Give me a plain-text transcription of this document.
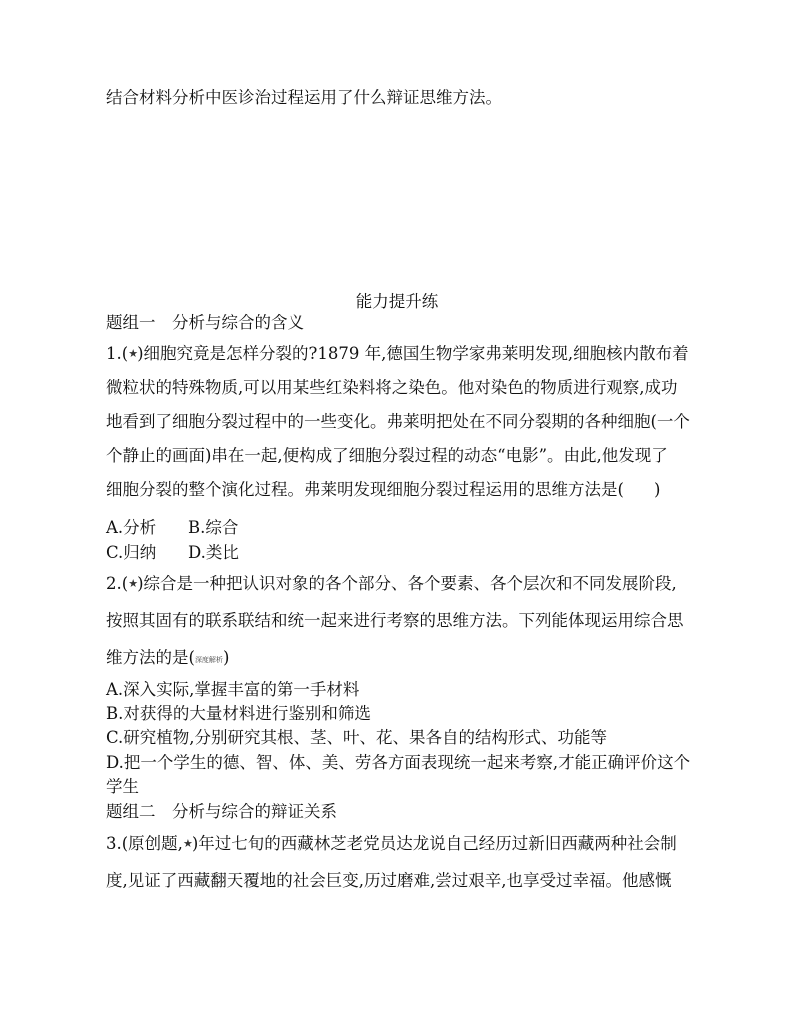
结合材料分析中医诊治过程运用了什么辩证思维方法。
能力提升练
题组一　分析与综合的含义
1.(★)细胞究竟是怎样分裂的?1879 年,德国生物学家弗莱明发现,细胞核内散布着
微粒状的特殊物质,可以用某些红染料将之染色。他对染色的物质进行观察,成功
地看到了细胞分裂过程中的一些变化。弗莱明把处在不同分裂期的各种细胞(一个
个静止的画面)串在一起,便构成了细胞分裂过程的动态“电影”。由此,他发现了
细胞分裂的整个演化过程。弗莱明发现细胞分裂过程运用的思维方法是( )
A.分析 B.综合
C.归纳 D.类比
2.(★)综合是一种把认识对象的各个部分、各个要素、各个层次和不同发展阶段,
按照其固有的联系联结和统一起来进行考察的思维方法。下列能体现运用综合思
维方法的是(深度解析)
A.深入实际,掌握丰富的第一手材料
B.对获得的大量材料进行鉴别和筛选
C.研究植物,分别研究其根、茎、叶、花、果各自的结构形式、功能等
D.把一个学生的德、智、体、美、劳各方面表现统一起来考察,才能正确评价这个
学生
题组二　分析与综合的辩证关系
3.(原创题,★)年过七旬的西藏林芝老党员达龙说自己经历过新旧西藏两种社会制
度,见证了西藏翻天覆地的社会巨变,历过磨难,尝过艰辛,也享受过幸福。他感慨
